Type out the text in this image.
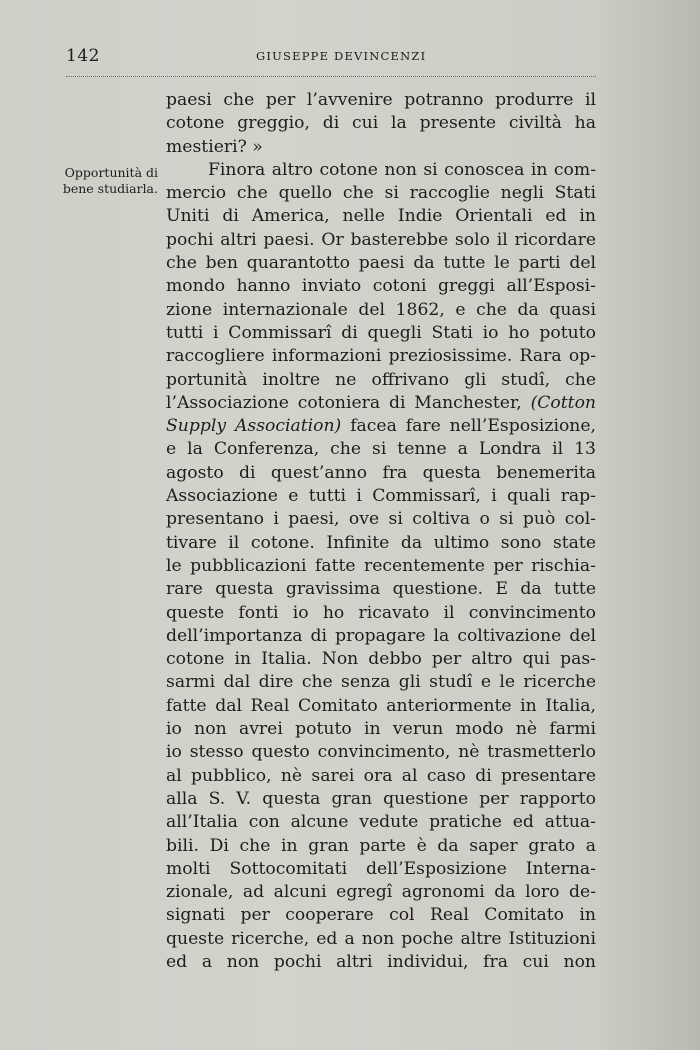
142	GIUSEPPE DEVINCENZI
Opportunità di
bene studiarla.
paesi che per l’avvenire potranno produrre il
cotone greggio, di cui la presente civiltà ha
mestieri? »
Finora altro cotone non si conoscea in com-
mercio che quello che si raccoglie negli Stati
Uniti di America, nelle Indie Orientali ed in
pochi altri paesi. Or basterebbe solo il ricordare
che ben quarantotto paesi da tutte le parti del
mondo hanno inviato cotoni greggi all’Esposi-
zione internazionale del 1862, e che da quasi
tutti i Commissarî di quegli Stati io ho potuto
raccogliere informazioni preziosissime. Rara op-
portunità inoltre ne offrivano gli studî, che
l’Associazione cotoniera di Manchester, (Cotton
Supply Association) facea fare nell’Esposizione,
e la Conferenza, che si tenne a Londra il 13
agosto di quest’anno fra questa benemerita
Associazione e tutti i Commissarî, i quali rap-
presentano i paesi, ove si coltiva o si può col-
tivare il cotone. Infinite da ultimo sono state
le pubblicazioni fatte recentemente per rischia-
rare questa gravissima questione. E da tutte
queste fonti io ho ricavato il convincimento
dell’importanza di propagare la coltivazione del
cotone in Italia. Non debbo per altro qui pas-
sarmi dal dire che senza gli studî e le ricerche
fatte dal Real Comitato anteriormente in Italia,
io non avrei potuto in verun modo nè farmi
io stesso questo convincimento, nè trasmetterlo
al pubblico, nè sarei ora al caso di presentare
alla S. V. questa gran questione per rapporto
all’Italia con alcune vedute pratiche ed attua-
bili. Di che in gran parte è da saper grato a
molti Sottocomitati dell’Esposizione Interna-
zionale, ad alcuni egregî agronomi da loro de-
signati per cooperare col Real Comitato in
queste ricerche, ed a non poche altre Istituzioni
ed a non pochi altri individui, fra cui non
